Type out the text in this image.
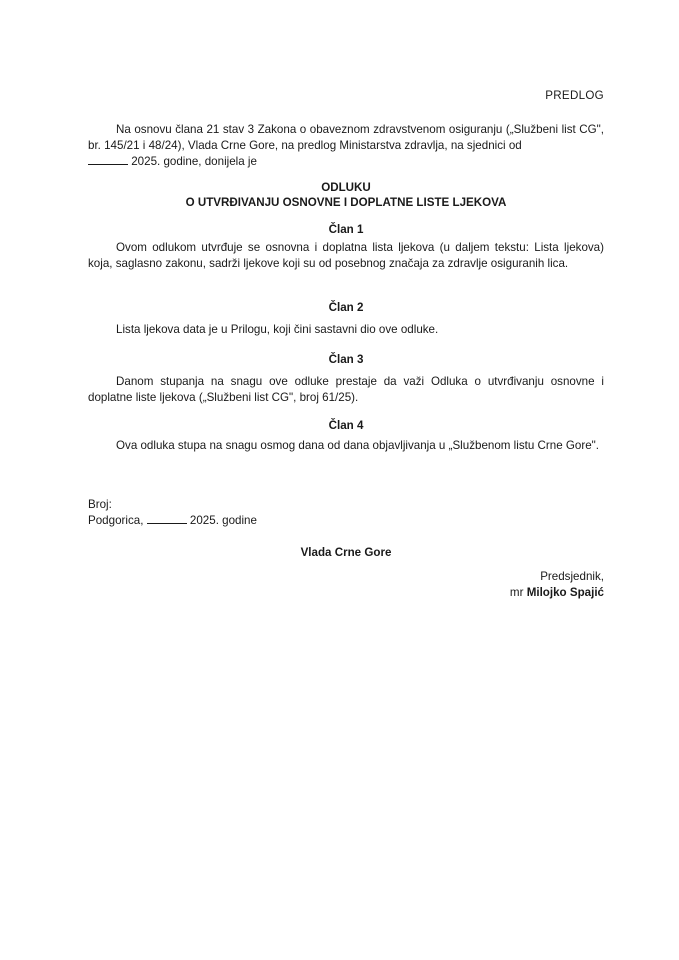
PREDLOG

Na osnovu člana 21 stav 3 Zakona o obaveznom zdravstvenom osiguranju („Službeni list CG", br. 145/21 i 48/24), Vlada Crne Gore, na predlog Ministarstva zdravlja, na sjednici od
2025. godine, donijela je

ODLUKU
O UTVRĐIVANJU OSNOVNE I DOPLATNE LISTE LJEKOVA
Član 1

Ovom odlukom utvrđuje se osnovna i doplatna lista ljekova (u daljem tekstu: Lista ljekova) koja, saglasno zakonu, sadrži ljekove koji su od posebnog značaja za zdravlje osiguranih lica.

Član 2

Lista ljekova data je u Prilogu, koji čini sastavni dio ove odluke.

Član 3

Danom stupanja na snagu ove odluke prestaje da važi Odluka o utvrđivanju osnovne i doplatne liste ljekova („Službeni list CG", broj 61/25).

Član 4

Ova odluka stupa na snagu osmog dana od dana objavljivanja u „Službenom listu Crne Gore".

Broj:
Podgorica,	2025. godine
Vlada Crne Gore
Predsjednik,
mr Milojko Spajić
